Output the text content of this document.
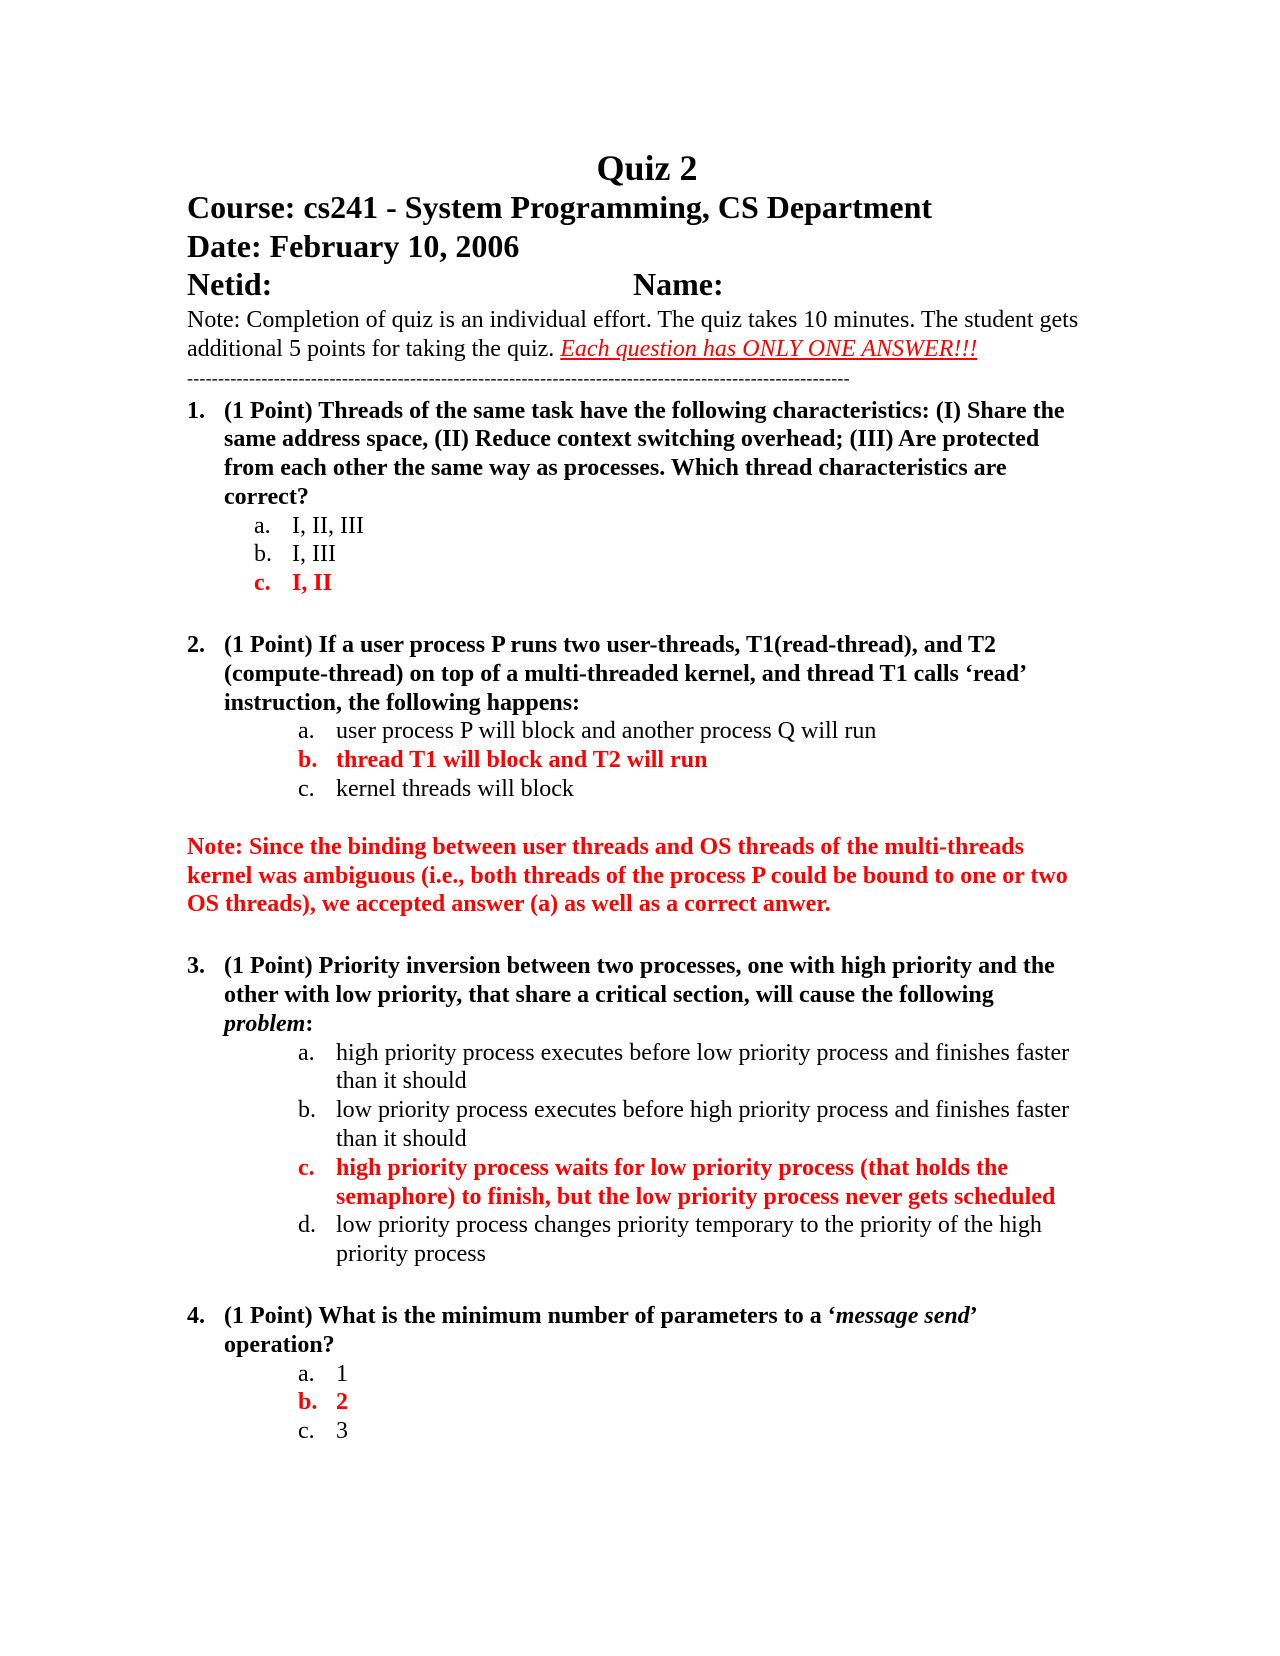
Quiz 2
Course: cs241 - System Programming, CS Department
Date: February 10, 2006
Netid:	Name:
Note: Completion of quiz is an individual effort. The quiz takes 10 minutes. The student gets additional 5 points for taking the quiz. Each question has ONLY ONE ANSWER!!!
-----------------------------------------------------------------------------------------------------------
1. (1 Point) Threads of the same task have the following characteristics: (I) Share the same address space, (II) Reduce context switching overhead; (III) Are protected from each other the same way as processes. Which thread characteristics are correct?
a. I, II, III
b. I, III
c. I, II
2. (1 Point) If a user process P runs two user-threads, T1(read-thread), and T2 (compute-thread) on top of a multi-threaded kernel, and thread T1 calls ‘read’ instruction, the following happens:
a. user process P will block and another process Q will run
b. thread T1 will block and T2 will run
c. kernel threads will block
Note: Since the binding between user threads and OS threads of the multi-threads kernel was ambiguous (i.e., both threads of the process P could be bound to one or two OS threads), we accepted answer (a) as well as a correct anwer.
3. (1 Point) Priority inversion between two processes, one with high priority and the other with low priority, that share a critical section, will cause the following problem:
a. high priority process executes before low priority process and finishes faster than it should
b. low priority process executes before high priority process and finishes faster than it should
c. high priority process waits for low priority process (that holds the semaphore) to finish, but the low priority process never gets scheduled
d. low priority process changes priority temporary to the priority of the high priority process
4. (1 Point) What is the minimum number of parameters to a ‘message send’ operation?
a. 1
b. 2
c. 3
